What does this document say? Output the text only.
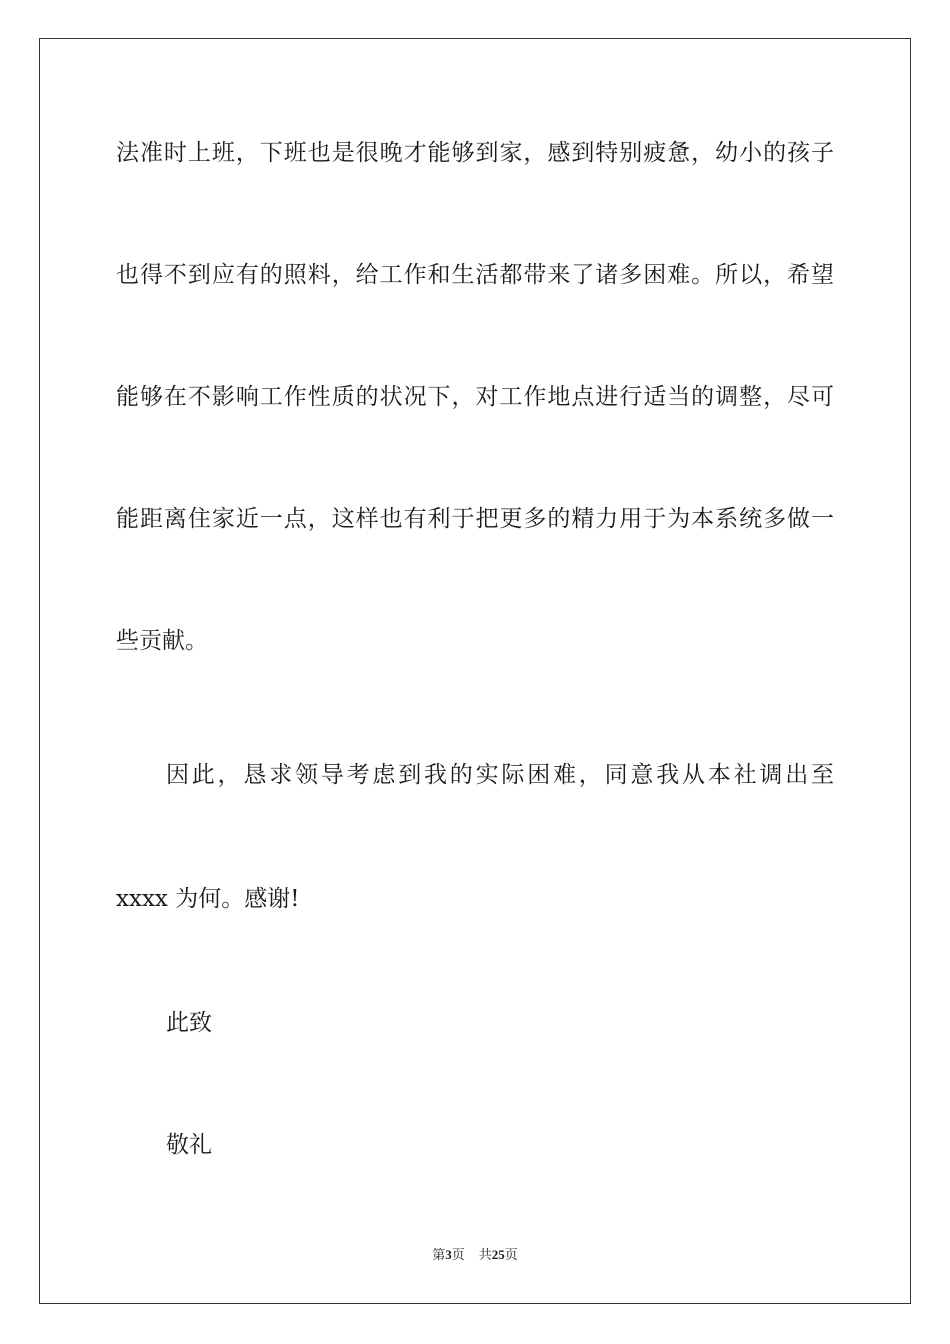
法准时上班，下班也是很晚才能够到家，感到特别疲惫，幼小的孩子
也得不到应有的照料，给工作和生活都带来了诸多困难。所以，希望
能够在不影响工作性质的状况下，对工作地点进行适当的调整，尽可
能距离住家近一点，这样也有利于把更多的精力用于为本系统多做一
些贡献。
因此，恳求领导考虑到我的实际困难，同意我从本社调出至
xxxx 为何。感谢!
此致
敬礼
第3页 共25页
